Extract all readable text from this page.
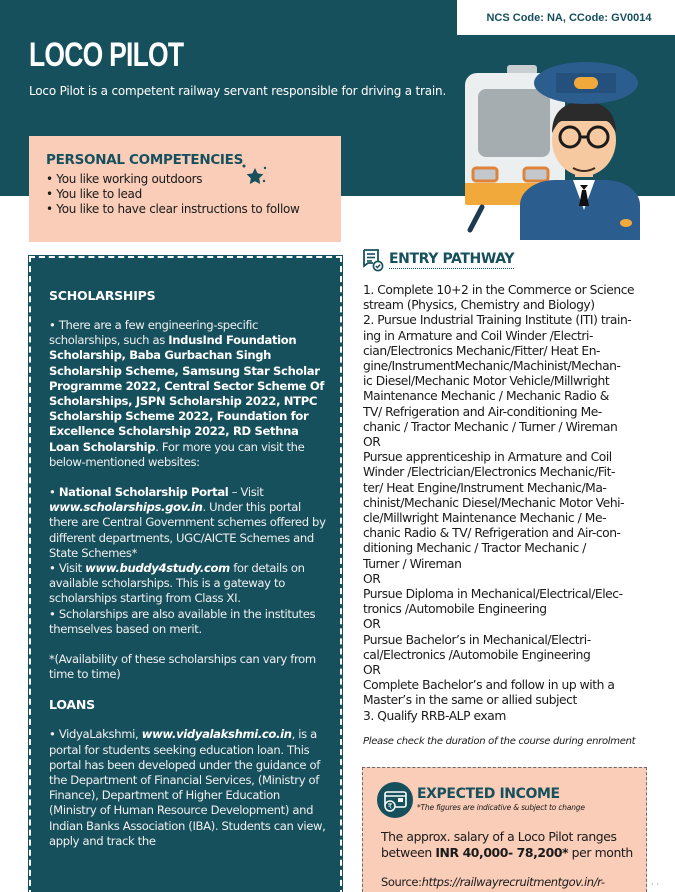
NCS Code: NA, CCode: GV0014
LOCO PILOT
Loco Pilot is a competent railway servant responsible for driving a train.
PERSONAL COMPETENCIES
• You like working outdoors
• You like to lead
• You like to have clear instructions to follow
SCHOLARSHIPS

• There are a few engineering-specific scholarships, such as IndusInd Foundation Scholarship, Baba Gurbachan Singh Scholarship Scheme, Samsung Star Scholar Programme 2022, Central Sector Scheme Of Scholarships, JSPN Scholarship 2022, NTPC Scholarship Scheme 2022, Foundation for Excellence Scholarship 2022, RD Sethna Loan Scholarship. For more you can visit the below-mentioned websites:

• National Scholarship Portal – Visit www.scholarships.gov.in. Under this portal there are Central Government schemes offered by different departments, UGC/AICTE Schemes and State Schemes*

• Visit www.buddy4study.com for details on available scholarships. This is a gateway to scholarships starting from Class XI.

• Scholarships are also available in the institutes themselves based on merit.

*(Availability of these scholarships can vary from time to time)

LOANS

• VidyaLakshmi, www.vidyalakshmi.co.in, is a portal for students seeking education loan. This portal has been developed under the guidance of the Department of Financial Services, (Ministry of Finance), Department of Higher Education (Ministry of Human Resource Development) and Indian Banks Association (IBA). Students can view, apply and track the

ENTRY PATHWAY
1. Complete 10+2 in the Commerce or Science
stream (Physics, Chemistry and Biology)
2. Pursue Industrial Training Institute (ITI) train-
ing in Armature and Coil Winder /Electri-
cian/Electronics Mechanic/Fitter/ Heat En-
gine/InstrumentMechanic/Machinist/Mechan-
ic Diesel/Mechanic Motor Vehicle/Millwright
Maintenance Mechanic / Mechanic Radio &
TV/ Refrigeration and Air-conditioning Me-
chanic / Tractor Mechanic / Turner / Wireman
OR
Pursue apprenticeship in Armature and Coil
Winder /Electrician/Electronics Mechanic/Fit-
ter/ Heat Engine/Instrument Mechanic/Ma-
chinist/Mechanic Diesel/Mechanic Motor Vehi-
cle/Millwright Maintenance Mechanic / Me-
chanic Radio & TV/ Refrigeration and Air-con-
ditioning Mechanic / Tractor Mechanic /
Turner / Wireman
OR
Pursue Diploma in Mechanical/Electrical/Elec-
tronics /Automobile Engineering
OR
Pursue Bachelor’s in Mechanical/Electri-
cal/Electronics /Automobile Engineering
OR
Complete Bachelor’s and follow in up with a
Master’s in the same or allied subject
3. Qualify RRB-ALP exam
Please check the duration of the course during enrolment
₹
EXPECTED INCOME
*The figures are indicative & subject to change
The approx. salary of a Loco Pilot ranges between INR 40,000- 78,200* per month
Source:https://railwayrecruitmentgov.in/r-	··
